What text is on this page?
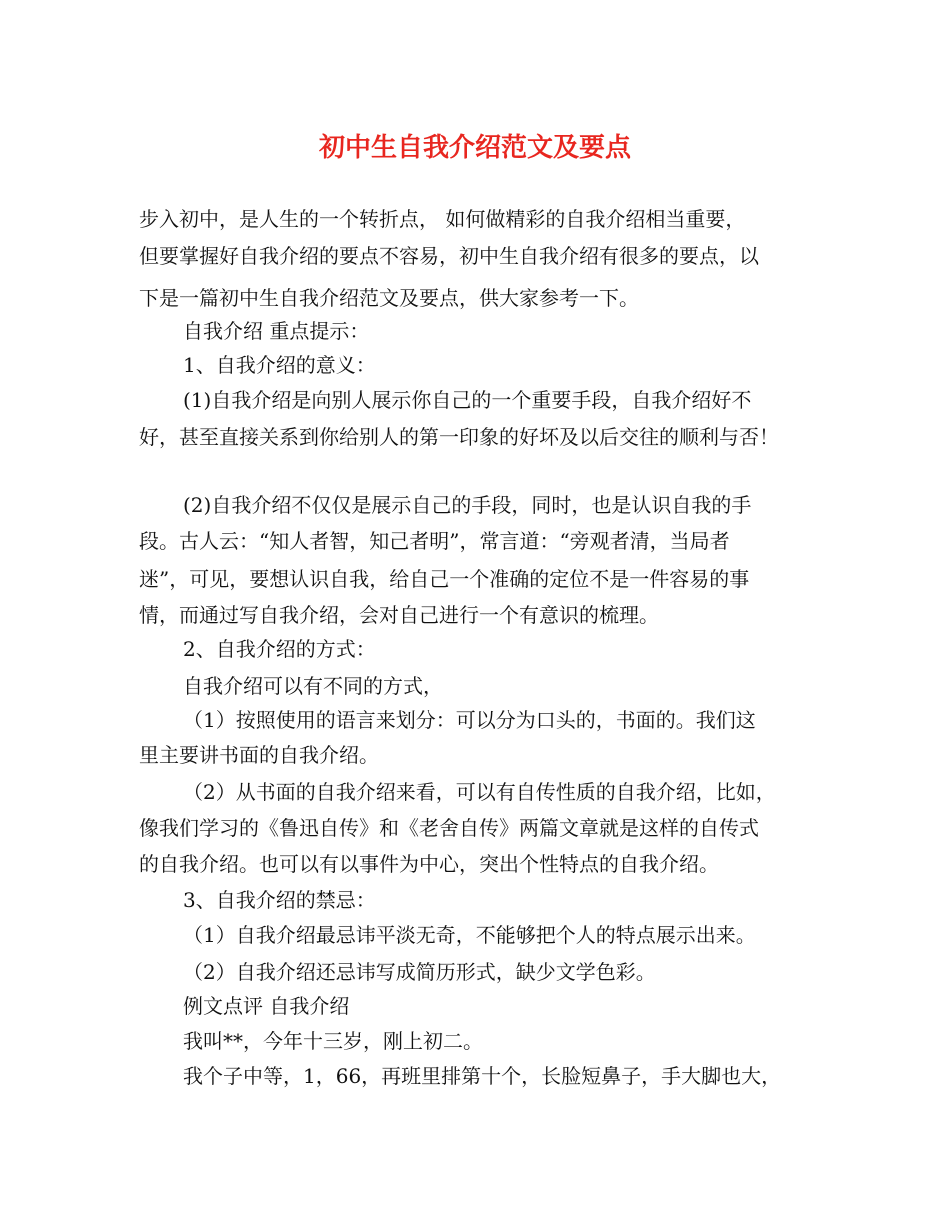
初中生自我介绍范文及要点

步入初中，是人生的一个转折点， 如何做精彩的自我介绍相当重要，

但要掌握好自我介绍的要点不容易，初中生自我介绍有很多的要点，以

下是一篇初中生自我介绍范文及要点，供大家参考一下。

自我介绍 重点提示：

1、自我介绍的意义：

(1)自我介绍是向别人展示你自己的一个重要手段，自我介绍好不

好，甚至直接关系到你给别人的第一印象的好坏及以后交往的顺利与否！

(2)自我介绍不仅仅是展示自己的手段，同时，也是认识自我的手

段。古人云：“知人者智，知己者明”，常言道：“旁观者清，当局者

迷”，可见，要想认识自我，给自己一个准确的定位不是一件容易的事

情，而通过写自我介绍，会对自己进行一个有意识的梳理。

2、自我介绍的方式：

自我介绍可以有不同的方式，

（1）按照使用的语言来划分：可以分为口头的，书面的。我们这

里主要讲书面的自我介绍。

（2）从书面的自我介绍来看，可以有自传性质的自我介绍，比如，

像我们学习的《鲁迅自传》和《老舍自传》两篇文章就是这样的自传式

的自我介绍。也可以有以事件为中心，突出个性特点的自我介绍。

3、自我介绍的禁忌：

（1）自我介绍最忌讳平淡无奇，不能够把个人的特点展示出来。

（2）自我介绍还忌讳写成简历形式，缺少文学色彩。

例文点评 自我介绍

我叫**，今年十三岁，刚上初二。

我个子中等，1，66，再班里排第十个，长脸短鼻子，手大脚也大，
